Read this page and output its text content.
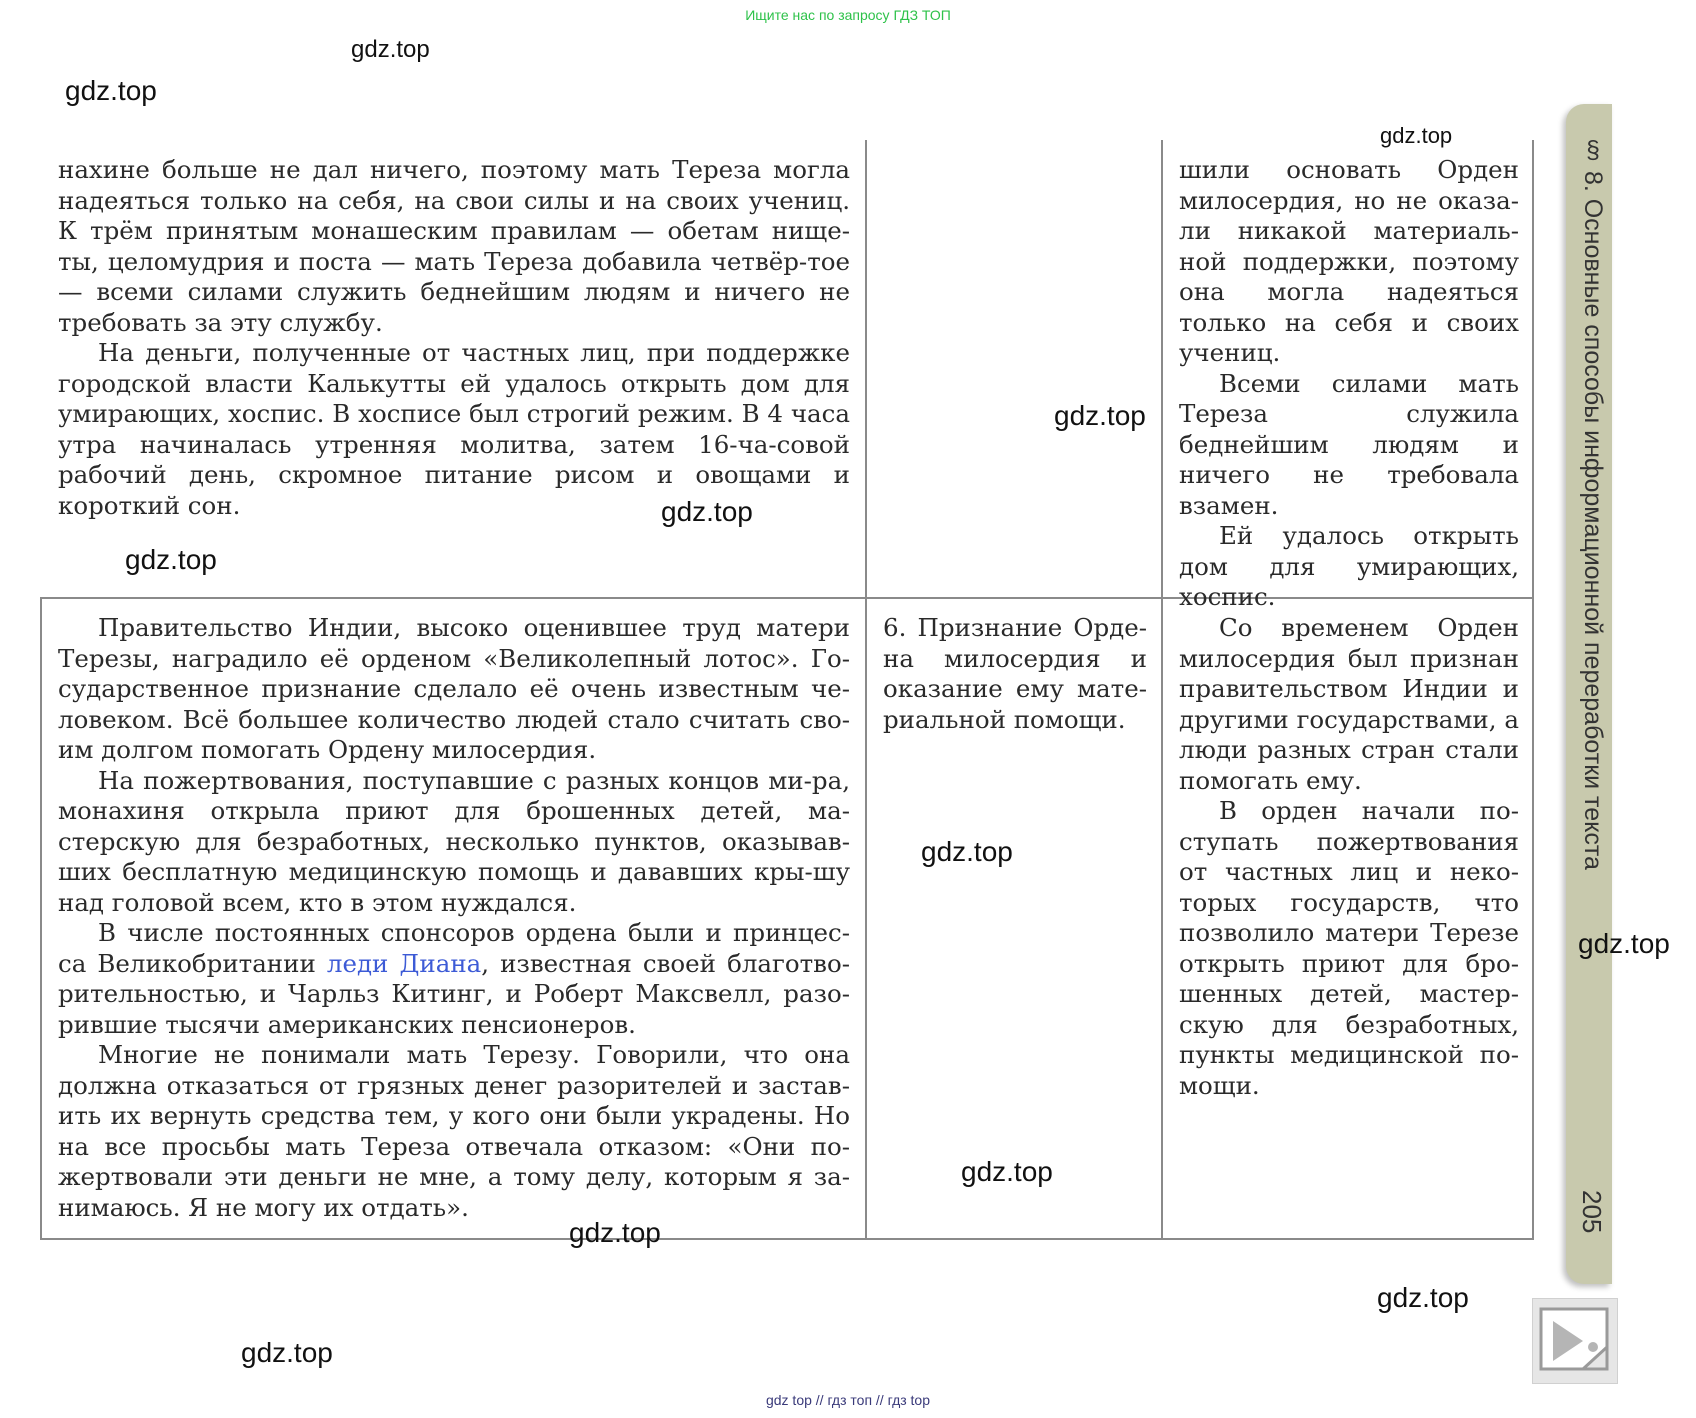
Ищите нас по запросу ГДЗ ТОП

нахине больше не дал ничего, поэтому мать Тереза могла надеяться только на себя, на свои силы и на своих учениц. К трём принятым монашеским правилам — обетам нище-ты, целомудрия и поста — мать Тереза добавила четвёр-тое — всеми силами служить беднейшим людям и ничего не требовать за эту службу.

На деньги, полученные от частных лиц, при поддержке городской власти Калькутты ей удалось открыть дом для умирающих, хоспис. В хосписе был строгий режим. В 4 часа утра начиналась утренняя молитва, затем 16-ча-совой рабочий день, скромное питание рисом и овощами и короткий сон.

шили основать Орден милосердия, но не оказа-ли никакой материаль-ной поддержки, поэтому она могла надеяться только на себя и своих учениц.

Всеми силами мать Тереза служила беднейшим людям и ничего не требовала взамен.

Ей удалось открыть дом для умирающих, хоспис.

Правительство Индии, высоко оценившее труд матери Терезы, наградило её орденом «Великолепный лотос». Го-сударственное признание сделало её очень известным че-ловеком. Всё большее количество людей стало считать сво-им долгом помогать Ордену милосердия.

На пожертвования, поступавшие с разных концов ми-ра, монахиня открыла приют для брошенных детей, ма-стерскую для безработных, несколько пунктов, оказывав-ших бесплатную медицинскую помощь и дававших кры-шу над головой всем, кто в этом нуждался.

В числе постоянных спонсоров ордена были и принцес-са Великобритании леди Диана, известная своей благотво-рительностью, и Чарльз Китинг, и Роберт Максвелл, разо-рившие тысячи американских пенсионеров.

Многие не понимали мать Терезу. Говорили, что она должна отказаться от грязных денег разорителей и застав-ить их вернуть средства тем, у кого они были украдены. Но на все просьбы мать Тереза отвечала отказом: «Они по-жертвовали эти деньги не мне, а тому делу, которым я за-нимаюсь. Я не могу их отдать».

6. Признание Орде-на милосердия и оказание ему мате-риальной помощи.

Со временем Орден милосердия был признан правительством Индии и другими государствами, а люди разных стран стали помогать ему.

В орден начали по-ступать пожертвования от частных лиц и неко-торых государств, что позволило матери Терезе открыть приют для бро-шенных детей, мастер-скую для безработных, пункты медицинской по-мощи.

§ 8. Основные способы информационной переработки текста
205
gdz.top
gdz.top
gdz.top
gdz.top
gdz.top
gdz.top
gdz.top
gdz.top
gdz.top
gdz.top
gdz.top
gdz.top
gdz top // гдз топ // гдз top
